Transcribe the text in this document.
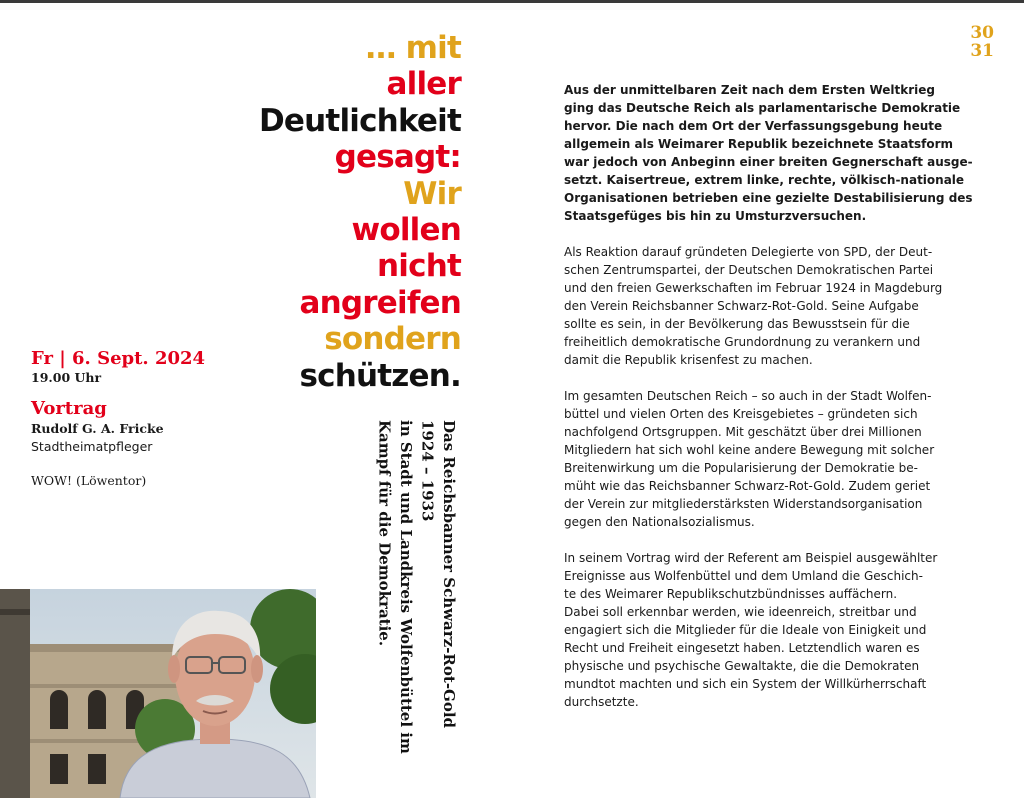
30
31
… mit
aller
Deutlichkeit
gesagt:
Wir
wollen
nicht
angreifen
sondern
schützen.
Fr | 6. Sept. 2024
19.00 Uhr
Vortrag
Rudolf G. A. Fricke
Stadtheimatpfleger
WOW! (Löwentor)	Das Reichsbanner Schwarz-Rot-Gold
1924 – 1933
in Stadt und Landkreis Wolfenbüttel im
Kampf für die Demokratie.

Aus der unmittelbaren Zeit nach dem Ersten Weltkrieg
ging das Deutsche Reich als parlamentarische Demokratie
hervor. Die nach dem Ort der Verfassungsgebung heute
allgemein als Weimarer Republik bezeichnete Staatsform
war jedoch von Anbeginn einer breiten Gegnerschaft ausge-
setzt. Kaisertreue, extrem linke, rechte, völkisch-nationale
Organisationen betrieben eine gezielte Destabilisierung des
Staatsgefüges bis hin zu Umsturzversuchen.

Als Reaktion darauf gründeten Delegierte von SPD, der Deut-
schen Zentrumspartei, der Deutschen Demokratischen Partei
und den freien Gewerkschaften im Februar 1924 in Magdeburg
den Verein Reichsbanner Schwarz-Rot-Gold. Seine Aufgabe
sollte es sein, in der Bevölkerung das Bewusstsein für die
freiheitlich demokratische Grundordnung zu verankern und
damit die Republik krisenfest zu machen.

Im gesamten Deutschen Reich – so auch in der Stadt Wolfen-
büttel und vielen Orten des Kreisgebietes – gründeten sich
nachfolgend Ortsgruppen. Mit geschätzt über drei Millionen
Mitgliedern hat sich wohl keine andere Bewegung mit solcher
Breitenwirkung um die Popularisierung der Demokratie be-
müht wie das Reichsbanner Schwarz-Rot-Gold. Zudem geriet
der Verein zur mitgliederstärksten Widerstandsorganisation
gegen den Nationalsozialismus.

In seinem Vortrag wird der Referent am Beispiel ausgewählter
Ereignisse aus Wolfenbüttel und dem Umland die Geschich-
te des Weimarer Republikschutzbündnisses auffächern.
Dabei soll erkennbar werden, wie ideenreich, streitbar und
engagiert sich die Mitglieder für die Ideale von Einigkeit und
Recht und Freiheit eingesetzt haben. Letztendlich waren es
physische und psychische Gewaltakte, die die Demokraten
mundtot machten und sich ein System der Willkürherrschaft
durchsetzte.
